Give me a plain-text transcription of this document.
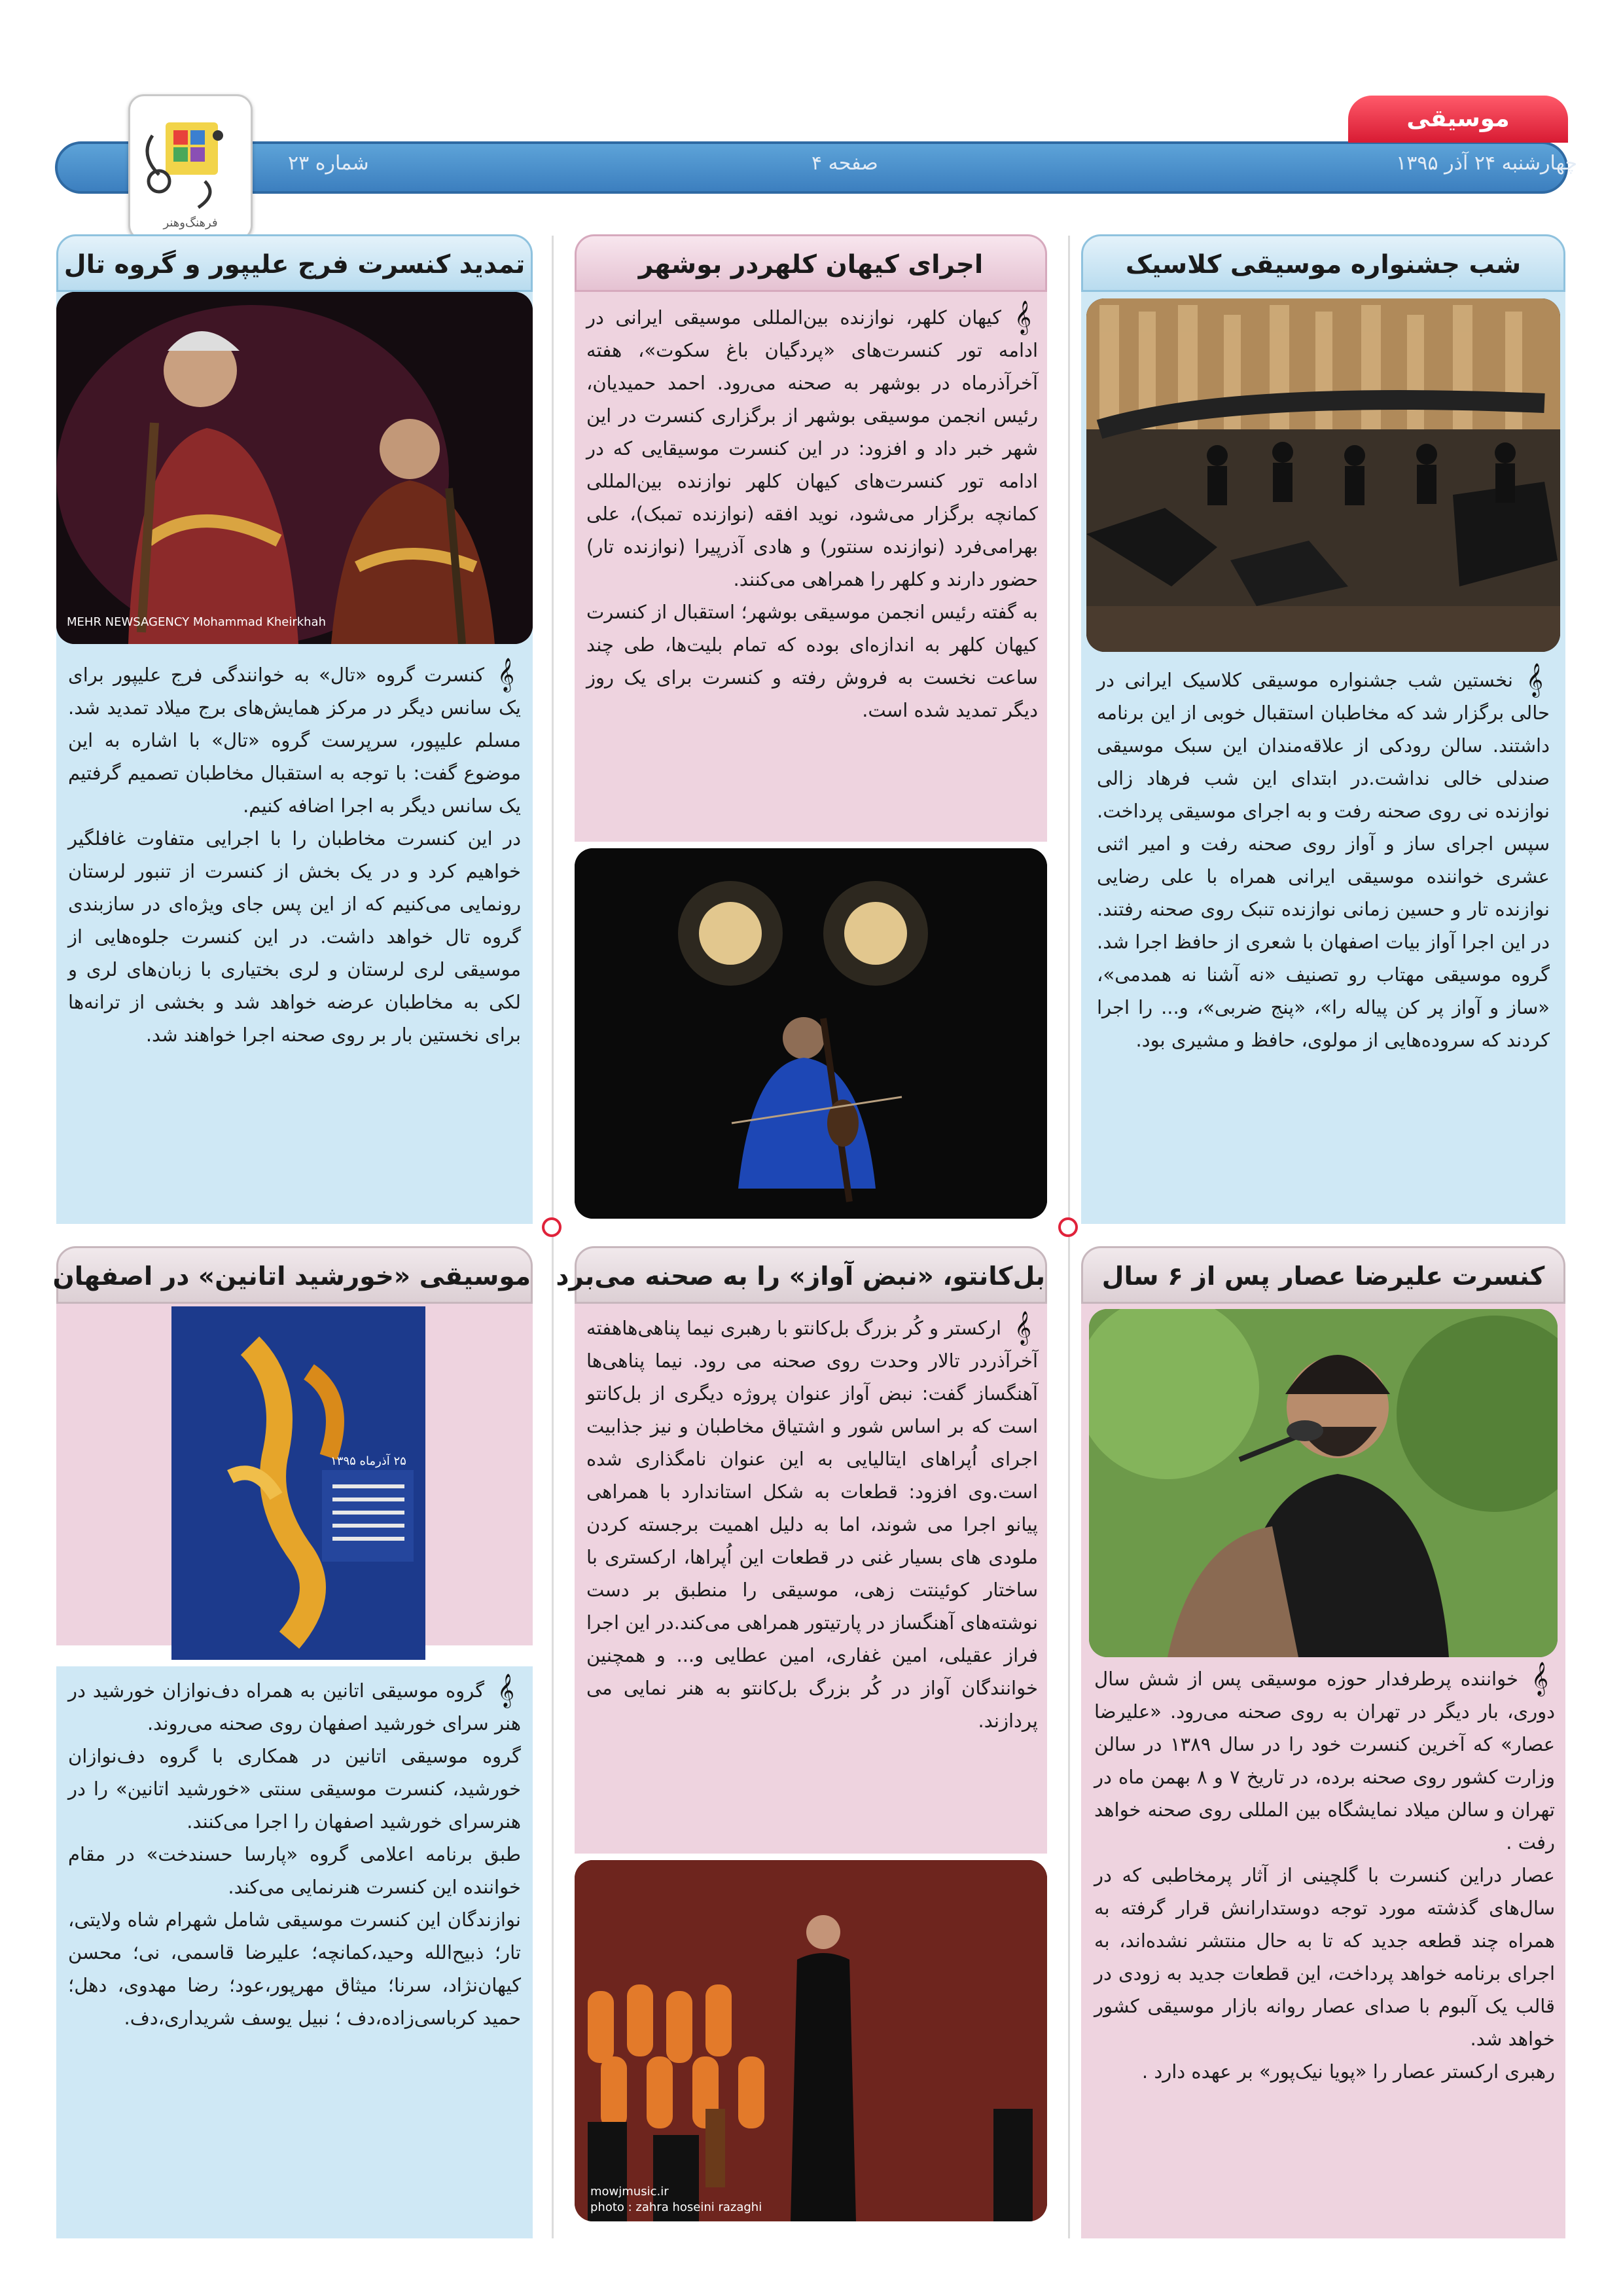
موسیقی
چهارشنبه ۲۴ آذر ۱۳۹۵
صفحه ۴
شماره ۲۳
فرهنگ‌وهنر
شب جشنواره موسیقی کلاسیک
𝄞

نخستین شب جشنواره موسیقی کلاسیک ایرانی در حالی برگزار شد که مخاطبان استقبال خوبی از این برنامه داشتند. سالن رودکی از علاقه‌مندان این سبک موسیقی صندلی خالی نداشت.در ابتدای این شب فرهاد زالی نوازنده نی روی صحنه رفت و به اجرای موسیقی پرداخت. سپس اجرای ساز و آواز روی صحنه رفت و امیر اثنی عشری خواننده موسیقی ایرانی همراه با علی رضایی نوازنده تار و حسین زمانی نوازنده تنبک روی صحنه رفتند. در این اجرا آواز بیات اصفهان با شعری از حافظ اجرا شد. گروه موسیقی مهتاب رو تصنیف «نه آشنا نه همدمی»، «ساز و آواز پر کن پیاله را»، «پنج ضربی»، و... را اجرا کردند که سروده‌هایی از مولوی، حافظ و مشیری بود.

اجرای کیهان کلهردر بوشهر
𝄞

کیهان کلهر، نوازنده بین‌المللی موسیقی ایرانی در ادامه تور کنسرت‌های «پردگیان باغ سکوت»، هفته آخرآذرماه در بوشهر به صحنه می‌رود. احمد حمیدیان، رئیس انجمن موسیقی بوشهر از برگزاری کنسرت در این شهر خبر داد و افزود: در این کنسرت موسیقایی که در ادامه تور کنسرت‌های کیهان کلهر نوازنده بین‌المللی کمانچه برگزار می‌شود، نوید افقه (نوازنده تمبک)، علی بهرامی‌فرد (نوازنده سنتور) و هادی آذرپیرا (نوازنده تار) حضور دارند و کلهر را همراهی می‌کنند.

به گفته رئیس انجمن موسیقی بوشهر؛ استقبال از کنسرت کیهان کلهر به اندازه‌ای بوده که تمام بلیت‌ها، طی چند ساعت نخست به فروش رفته و کنسرت برای یک روز دیگر تمدید شده است.

تمدید کنسرت فرج علیپور و گروه تال
MEHR NEWSAGENCY Mohammad Kheirkhah
𝄞

کنسرت گروه «تال» به خوانندگی فرج علیپور برای یک سانس دیگر در مرکز همایش‌های برج میلاد تمدید شد. مسلم علیپور، سرپرست گروه «تال» با اشاره به این موضوع گفت: با توجه به استقبال مخاطبان تصمیم گرفتیم یک سانس دیگر به اجرا اضافه کنیم.

در این کنسرت مخاطبان را با اجرایی متفاوت غافلگیر خواهیم کرد و در یک بخش از کنسرت از تنبور لرستان رونمایی می‌کنیم که از این پس جای ویژه‌ای در سازبندی گروه تال خواهد داشت. در این کنسرت جلوه‌هایی از موسیقی لری لرستان و لری بختیاری با زبان‌های لری و لکی به مخاطبان عرضه خواهد شد و بخشی از ترانه‌ها برای نخستین بار بر روی صحنه اجرا خواهند شد.

کنسرت علیرضا عصار پس از ۶ سال
𝄞

خواننده پرطرفدار حوزه موسیقی پس از شش سال دوری، بار دیگر در تهران به روی صحنه می‌رود. «علیرضا عصار» که آخرین کنسرت خود را در سال ۱۳۸۹ در سالن وزارت کشور روی صحنه برده، در تاریخ ۷ و ۸ بهمن ماه در تهران و سالن میلاد نمایشگاه بین المللی روی صحنه خواهد رفت .

عصار دراین کنسرت با گلچینی از آثار پرمخاطبی که در سال‌های گذشته مورد توجه دوستدارانش قرار گرفته به همراه چند قطعه جدید که تا به حال منتشر نشده‌اند، به اجرای برنامه خواهد پرداخت، این قطعات جدید به زودی در قالب یک آلبوم با صدای عصار روانه بازار موسیقی کشور خواهد شد.

رهبری ارکستر عصار را «پویا نیک‌پور» بر عهده دارد .

بل‌کانتو، «نبض آواز» را به صحنه می‌برد
𝄞

ارکستر و کُر بزرگ بل‌کانتو با رهبری نیما پناهی‌هاهفته آخرآذردر تالار وحدت روی صحنه می رود. نیما پناهی‌ها آهنگساز گفت: نبض آواز عنوان پروژه دیگری از بل‌کانتو است که بر اساس شور و اشتیاق مخاطبان و نیز جذابیت اجرای اُپراهای ایتالیایی به این عنوان نامگذاری شده است.وی افزود: قطعات به شکل استاندارد با همراهی پیانو اجرا می شوند، اما به دلیل اهمیت برجسته کردن ملودی های بسیار غنی در قطعات این اُپراها، ارکستری با ساختار کوئینتت زهی، موسیقی را منطبق بر دست نوشته‌های آهنگساز در پارتیتور همراهی می‌کند.در این اجرا فراز عقیلی، امین غفاری، امین عطایی و... و همچنین خوانندگان آواز در کُر بزرگ بل‌کانتو به هنر نمایی می پردازند.

mowjmusic.ir
photo : zahra hoseini razaghi
موسیقی «خورشید اتانین» در اصفهان
۲۵ آذرماه ۱۳۹۵
𝄞

گروه موسیقی اتانین به همراه دف‌نوازان خورشید در هنر سرای خورشید اصفهان روی صحنه می‌روند.

گروه موسیقی اتانین در همکاری با گروه دف‌نوازان خورشید، کنسرت موسیقی سنتی «خورشید اتانین» را در هنرسرای خورشید اصفهان را اجرا می‌کنند.

طبق برنامه اعلامی گروه «پارسا حسندخت» در مقام خواننده این کنسرت هنرنمایی می‌کند.

نوازندگان این کنسرت موسیقی شامل شهرام شاه ولایتی، تار؛ ذبیح‌الله وحید،کمانچه؛ علیرضا قاسمی، نی؛ محسن کیهان‌نژاد، سرنا؛ میثاق مهرپور،عود؛ رضا مهدوی، دهل؛ حمید کرباسی‌زاده،دف ؛ نبیل یوسف شریداری،دف.
